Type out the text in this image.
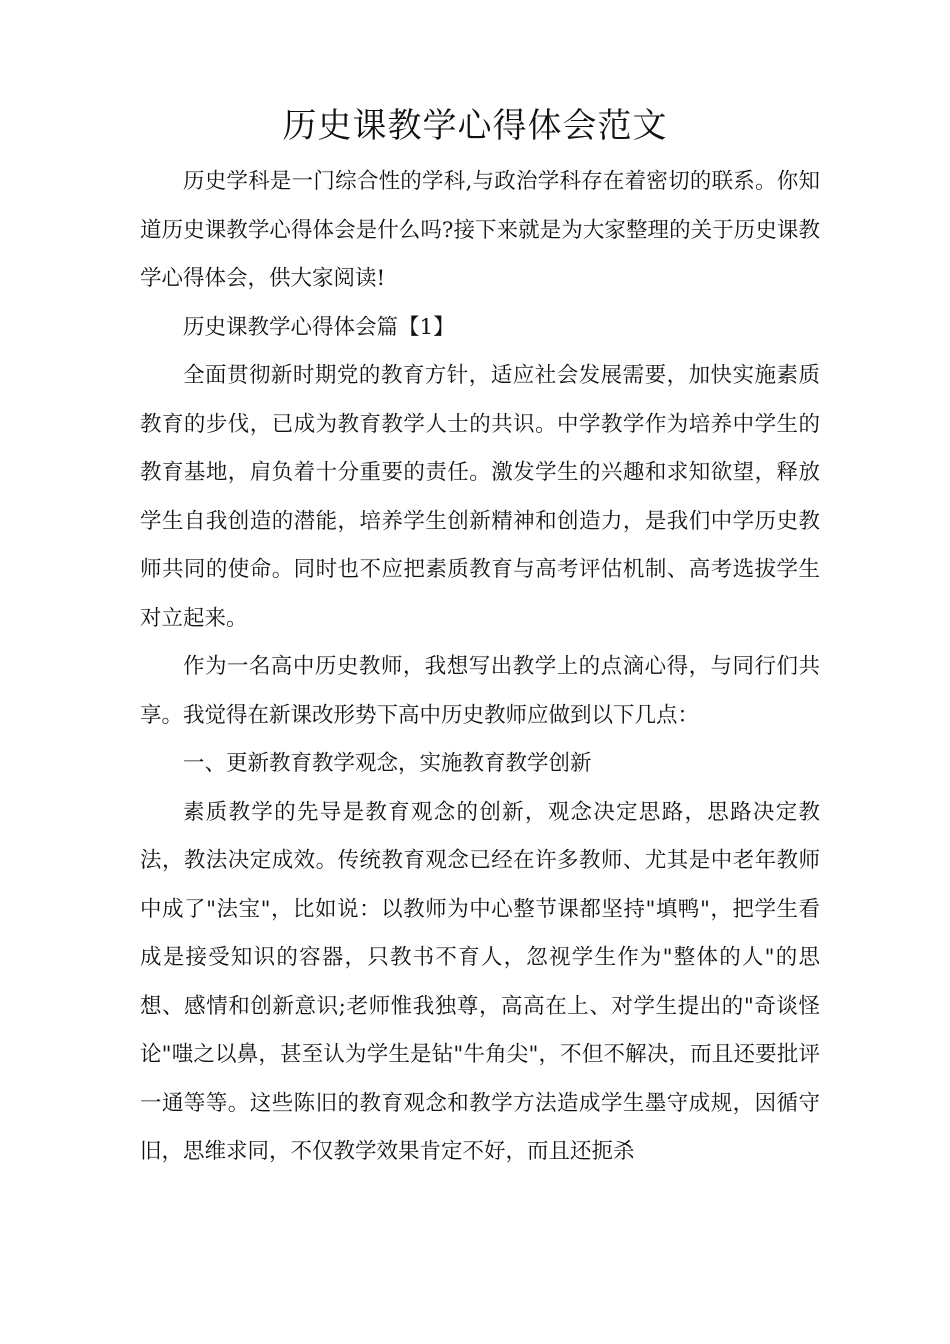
历史课教学心得体会范文

历史学科是一门综合性的学科,与政治学科存在着密切的联系。你知道历史课教学心得体会是什么吗?接下来就是为大家整理的关于历史课教学心得体会，供大家阅读!

历史课教学心得体会篇【1】

全面贯彻新时期党的教育方针，适应社会发展需要，加快实施素质教育的步伐，已成为教育教学人士的共识。中学教学作为培养中学生的教育基地，肩负着十分重要的责任。激发学生的兴趣和求知欲望，释放学生自我创造的潜能，培养学生创新精神和创造力，是我们中学历史教师共同的使命。同时也不应把素质教育与高考评估机制、高考选拔学生对立起来。

作为一名高中历史教师，我想写出教学上的点滴心得，与同行们共享。我觉得在新课改形势下高中历史教师应做到以下几点：

一、更新教育教学观念，实施教育教学创新

素质教学的先导是教育观念的创新，观念决定思路，思路决定教法，教法决定成效。传统教育观念已经在许多教师、尤其是中老年教师中成了"法宝"，比如说：以教师为中心整节课都坚持"填鸭"，把学生看成是接受知识的容器，只教书不育人，忽视学生作为"整体的人"的思想、感情和创新意识;老师惟我独尊，高高在上、对学生提出的"奇谈怪论"嗤之以鼻，甚至认为学生是钻"牛角尖"，不但不解决，而且还要批评一通等等。这些陈旧的教育观念和教学方法造成学生墨守成规，因循守旧，思维求同，不仅教学效果肯定不好，而且还扼杀
